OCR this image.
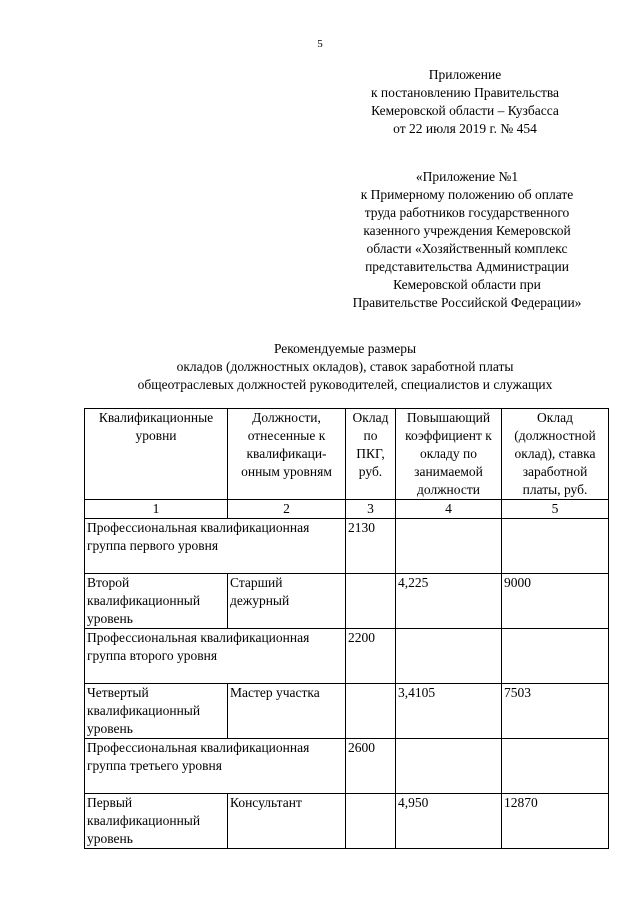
5
Приложение
к постановлению Правительства
Кемеровской области – Кузбасса
от 22 июля 2019 г. № 454
«Приложение №1
к Примерному положению об оплате
труда работников государственного
казенного учреждения Кемеровской
области «Хозяйственный комплекс
представительства Администрации
Кемеровской области при
Правительстве Российской Федерации»
Рекомендуемые размеры
окладов (должностных окладов), ставок заработной платы
общеотраслевых должностей руководителей, специалистов и служащих
Квалификационные уровни	Должности, отнесенные к квалификаци-онным уровням	Оклад по ПКГ, руб.	Повышающий коэффициент к окладу по занимаемой должности	Оклад (должностной оклад), ставка заработной платы, руб.
1	2	3	4	5
Профессиональная квалификационная группа первого уровня		2130		
Второй квалификационный уровень	Старший дежурный		4,225	9000
Профессиональная квалификационная группа второго уровня		2200		
Четвертый квалификационный уровень	Мастер участка		3,4105	7503
Профессиональная квалификационная группа третьего уровня		2600		
Первый квалификационный уровень	Консультант		4,950	12870
